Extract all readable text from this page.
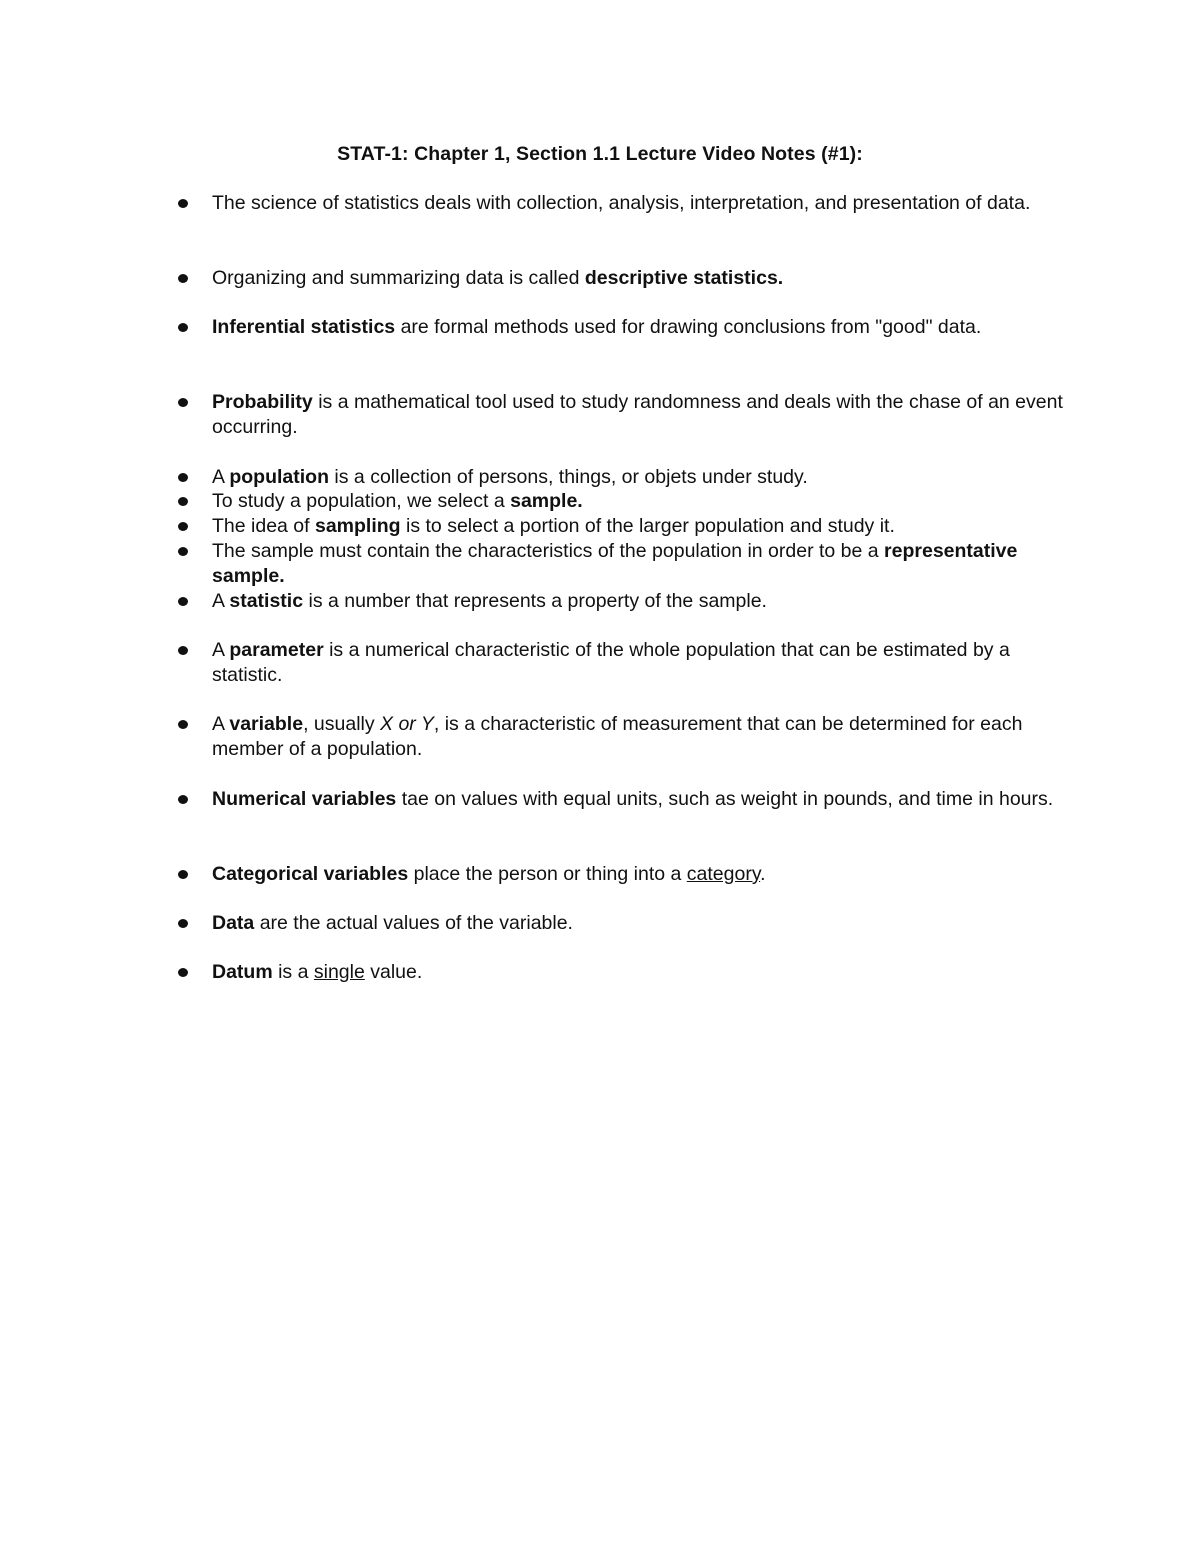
STAT-1: Chapter 1, Section 1.1 Lecture Video Notes (#1):
The science of statistics deals with collection, analysis, interpretation, and presentation of data.
Organizing and summarizing data is called descriptive statistics.
Inferential statistics are formal methods used for drawing conclusions from "good" data.
Probability is a mathematical tool used to study randomness and deals with the chase of an event occurring.
A population is a collection of persons, things, or objets under study.
To study a population, we select a sample.
The idea of sampling is to select a portion of the larger population and study it.
The sample must contain the characteristics of the population in order to be a representative sample.
A statistic is a number that represents a property of the sample.
A parameter is a numerical characteristic of the whole population that can be estimated by a statistic.
A variable, usually X or Y, is a characteristic of measurement that can be determined for each member of a population.
Numerical variables tae on values with equal units, such as weight in pounds, and time in hours.
Categorical variables place the person or thing into a category.
Data are the actual values of the variable.
Datum is a single value.
